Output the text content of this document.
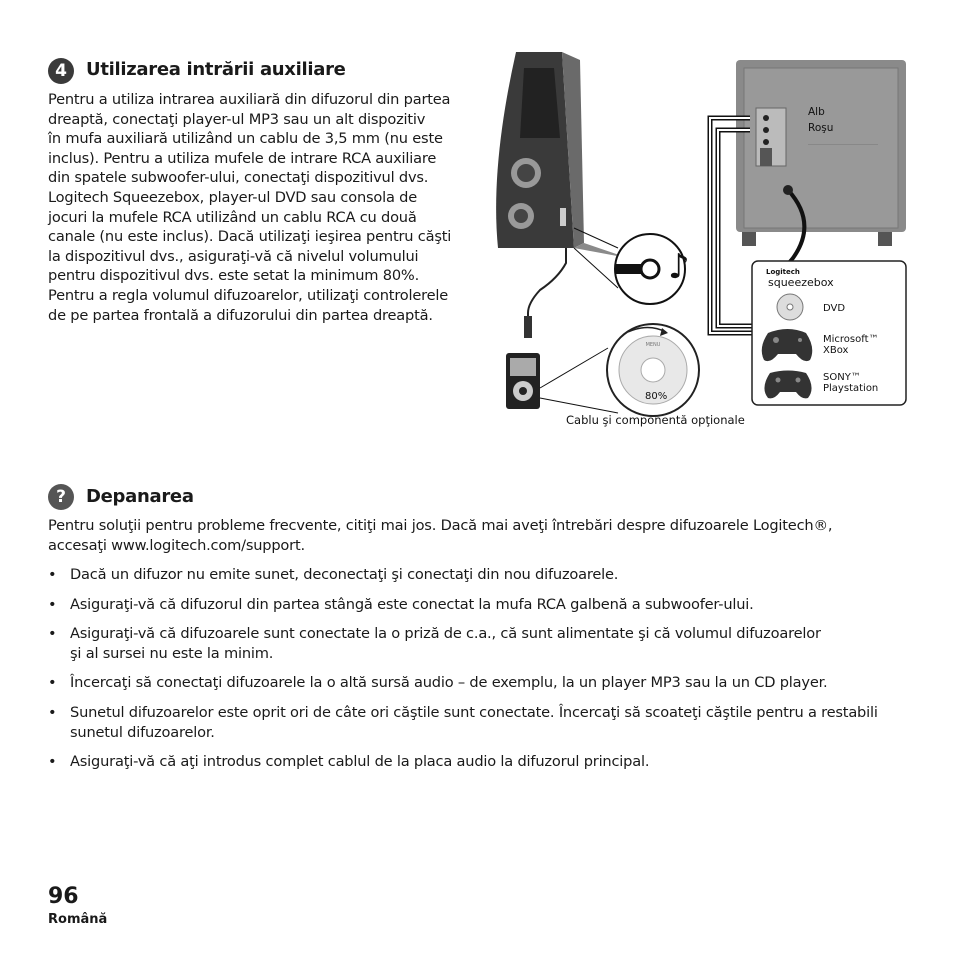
4	Utilizarea intrării auxiliare
Pentru a utiliza intrarea auxiliară din difuzorul din partea
dreaptă, conectaţi player-ul MP3 sau un alt dispozitiv
în mufa auxiliară utilizând un cablu de 3,5 mm (nu este
inclus). Pentru a utiliza mufele de intrare RCA auxiliare
din spatele subwoofer-ului, conectaţi dispozitivul dvs.
Logitech Squeezebox, player-ul DVD sau consola de
jocuri la mufele RCA utilizând un cablu RCA cu două
canale (nu este inclus). Dacă utilizaţi ieşirea pentru căşti
la dispozitivul dvs., asiguraţi-vă că nivelul volumului
pentru dispozitivul dvs. este setat la minimum 80%.
Pentru a regla volumul difuzoarelor, utilizaţi controlerele
de pe partea frontală a difuzorului din partea dreaptă.
♪
MENU
Alb
Roşu
Logitech
squeezebox
DVD
Microsoft™
XBox
SONY™
Playstation
80%
Cablu şi componentă opţionale
?	Depanarea
Pentru soluţii pentru probleme frecvente, citiţi mai jos. Dacă mai aveţi întrebări despre difuzoarele Logitech®,
accesaţi www.logitech.com/support.
• Dacă un difuzor nu emite sunet, deconectaţi şi conectaţi din nou difuzoarele.
• Asiguraţi-vă că difuzorul din partea stângă este conectat la mufa RCA galbenă a subwoofer-ului.
• Asiguraţi-vă că difuzoarele sunt conectate la o priză de c.a., că sunt alimentate şi că volumul difuzoarelor
şi al sursei nu este la minim.
• Încercaţi să conectaţi difuzoarele la o altă sursă audio – de exemplu, la un player MP3 sau la un CD player.
• Sunetul difuzoarelor este oprit ori de câte ori căştile sunt conectate. Încercaţi să scoateţi căştile pentru a restabili
sunetul difuzoarelor.
• Asiguraţi-vă că aţi introdus complet cablul de la placa audio la difuzorul principal.
96
Română
